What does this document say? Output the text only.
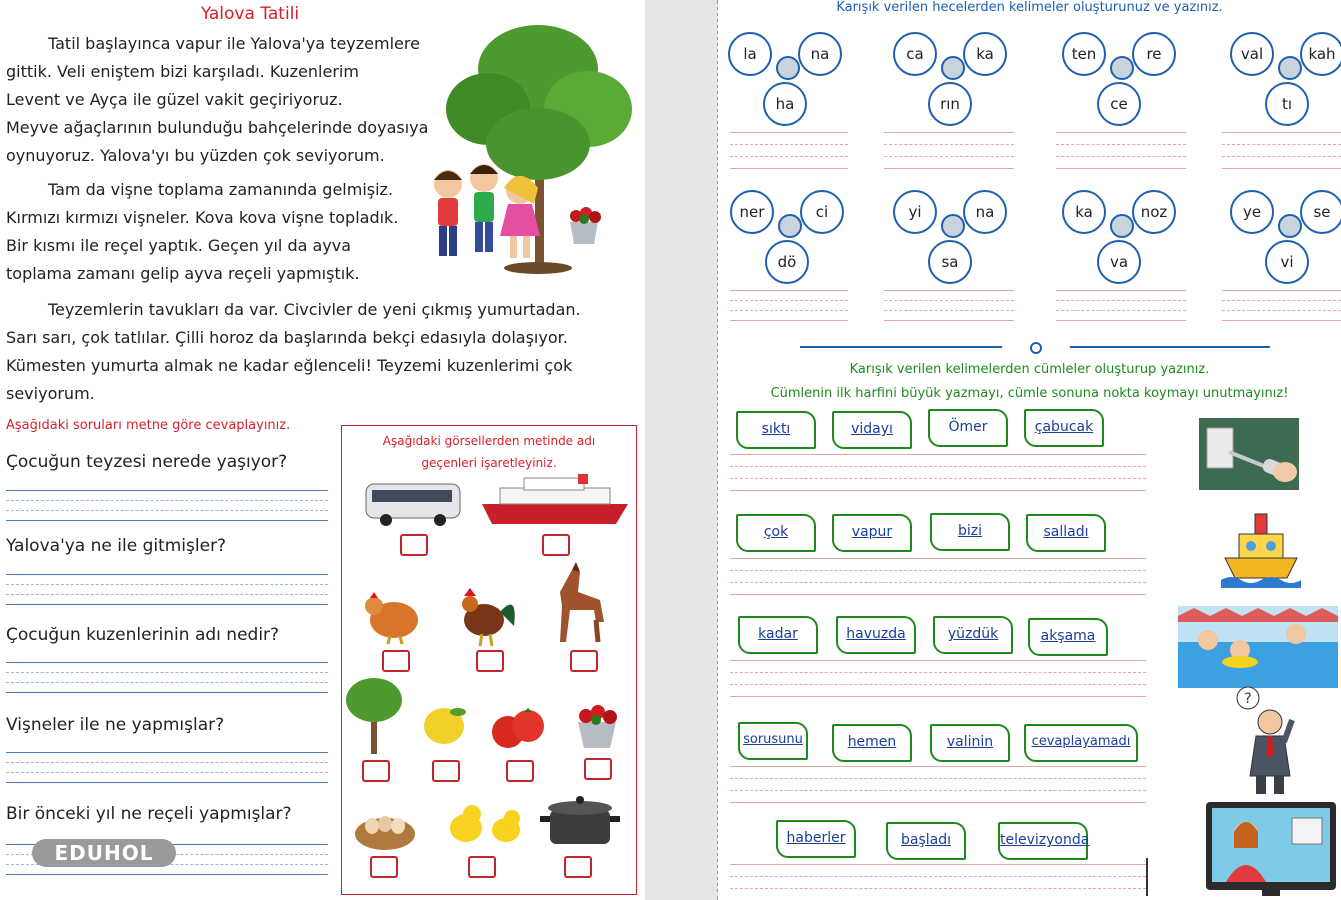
Yalova Tatili

Tatil başlayınca vapur ile Yalova'ya teyzemlere

gittik. Veli eniştem bizi karşıladı. Kuzenlerim

Levent ve Ayça ile güzel vakit geçiriyoruz.

Meyve ağaçlarının bulunduğu bahçelerinde doyasıya

oynuyoruz. Yalova'yı bu yüzden çok seviyorum.

Tam da vişne toplama zamanında gelmişiz.

Kırmızı kırmızı vişneler. Kova kova vişne topladık.

Bir kısmı ile reçel yaptık. Geçen yıl da ayva

toplama zamanı gelip ayva reçeli yapmıştık.

Teyzemlerin tavukları da var. Civcivler de yeni çıkmış yumurtadan.

Sarı sarı, çok tatlılar. Çilli horoz da başlarında bekçi edasıyla dolaşıyor.

Kümesten yumurta almak ne kadar eğlenceli! Teyzemi kuzenlerimi çok

seviyorum.

Aşağıdaki soruları metne göre cevaplayınız.
Çocuğun teyzesi nerede yaşıyor?
Yalova'ya ne ile gitmişler?
Çocuğun kuzenlerinin adı nedir?
Vişneler ile ne yapmışlar?
Bir önceki yıl ne reçeli yapmışlar?
EDUHOL
Aşağıdaki görsellerden metinde adı
geçenleri işaretleyiniz.
Karışık verilen hecelerden kelimeler oluşturunuz ve yazınız.
la	na
ha
ca	ka
rın
ten	re
ce
val	kah
tı
ner	ci
dö
yi	na
sa
ka	noz
va
ye	se
vi
Karışık verilen kelimelerden cümleler oluşturup yazınız.
Cümlenin ilk harfini büyük yazmayı, cümle sonuna nokta koymayı unutmayınız!
sıktı	vidayı	Ömer	çabucak
çok	vapur	bizi	salladı
kadar	havuzda	yüzdük	akşama
sorusunu	hemen	valinin	cevaplayamadı
?
haberler	başladı	televizyonda
